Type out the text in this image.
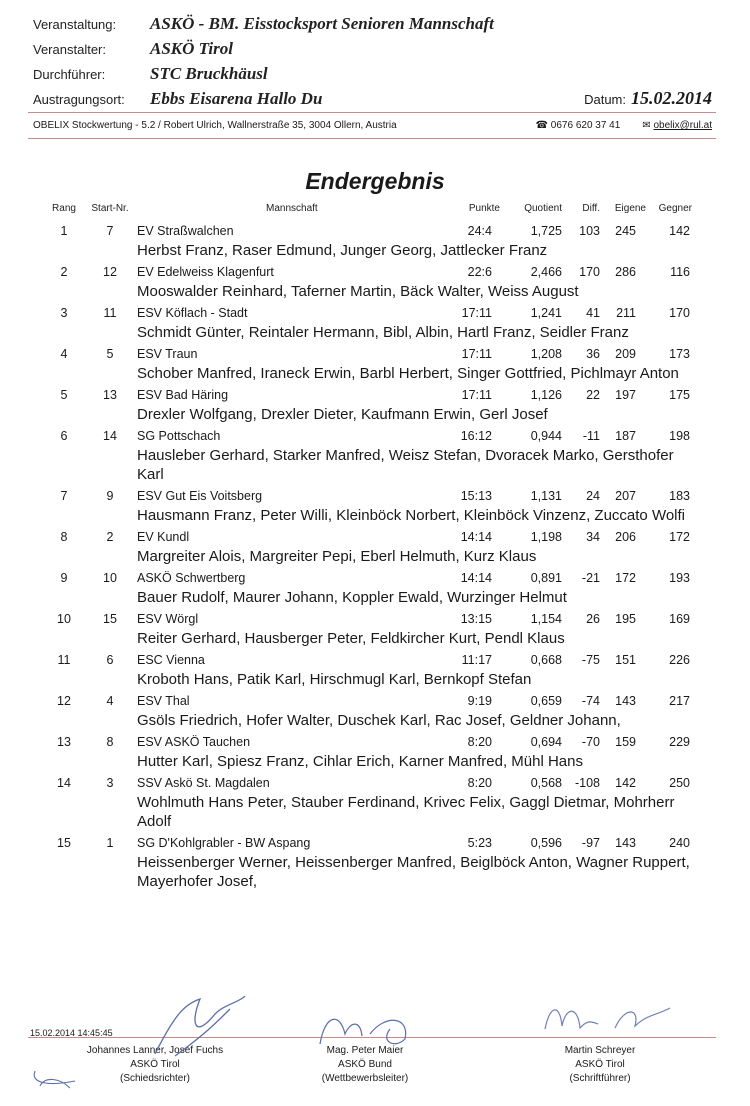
Veranstaltung:	ASKÖ - BM. Eisstocksport Senioren Mannschaft
Veranstalter:	ASKÖ Tirol
Durchführer:	STC Bruckhäusl
Austragungsort:	Ebbs Eisarena Hallo Du	Datum: 15.02.2014
OBELIX Stockwertung - 5.2 / Robert Ulrich, Wallnerstraße 35, 3004 Ollern, Austria	☎ 0676 620 37 41 ✉ obelix@rul.at
Endergebnis
Rang	Start-Nr.	Mannschaft	Punkte	Quotient	Diff.	Eigene	Gegner
1	7	EV Straßwalchen	24:4	1,725	103	245	142
Herbst Franz, Raser Edmund, Junger Georg, Jattlecker Franz
2	12	EV Edelweiss Klagenfurt	22:6	2,466	170	286	116
Mooswalder Reinhard, Taferner Martin, Bäck Walter, Weiss August
3	11	ESV Köflach - Stadt	17:11	1,241	41	211	170
Schmidt Günter, Reintaler Hermann, Bibl, Albin, Hartl Franz, Seidler Franz
4	5	ESV Traun	17:11	1,208	36	209	173
Schober Manfred, Iraneck Erwin, Barbl Herbert, Singer Gottfried, Pichlmayr Anton
5	13	ESV Bad Häring	17:11	1,126	22	197	175
Drexler Wolfgang, Drexler Dieter, Kaufmann Erwin, Gerl Josef
6	14	SG Pottschach	16:12	0,944	-11	187	198
Hausleber Gerhard, Starker Manfred, Weisz Stefan, Dvoracek Marko, Gersthofer Karl
7	9	ESV Gut Eis Voitsberg	15:13	1,131	24	207	183
Hausmann Franz, Peter Willi, Kleinböck Norbert, Kleinböck Vinzenz, Zuccato Wolfi
8	2	EV Kundl	14:14	1,198	34	206	172
Margreiter Alois, Margreiter Pepi, Eberl Helmuth, Kurz Klaus
9	10	ASKÖ Schwertberg	14:14	0,891	-21	172	193
Bauer Rudolf, Maurer Johann, Koppler Ewald, Wurzinger Helmut
10	15	ESV Wörgl	13:15	1,154	26	195	169
Reiter Gerhard, Hausberger Peter, Feldkircher Kurt, Pendl Klaus
11	6	ESC Vienna	11:17	0,668	-75	151	226
Kroboth Hans, Patik Karl, Hirschmugl Karl, Bernkopf Stefan
12	4	ESV Thal	9:19	0,659	-74	143	217
Gsöls Friedrich, Hofer Walter, Duschek Karl, Rac Josef, Geldner Johann,
13	8	ESV ASKÖ Tauchen	8:20	0,694	-70	159	229
Hutter Karl, Spiesz Franz, Cihlar Erich, Karner Manfred, Mühl Hans
14	3	SSV Askö St. Magdalen	8:20	0,568	-108	142	250
Wohlmuth Hans Peter, Stauber Ferdinand, Krivec Felix, Gaggl Dietmar, Mohrherr Adolf
15	1	SG D'Kohlgrabler - BW Aspang	5:23	0,596	-97	143	240
Heissenberger Werner, Heissenberger Manfred, Beiglböck Anton, Wagner Ruppert, Mayerhofer Josef,
15.02.2014 14:45:45
Johannes Lanner, Josef Fuchs
ASKÖ Tirol
(Schiedsrichter)
Mag. Peter Maier
ASKÖ Bund
(Wettbewerbsleiter)
Martin Schreyer
ASKÖ Tirol
(Schriftführer)
